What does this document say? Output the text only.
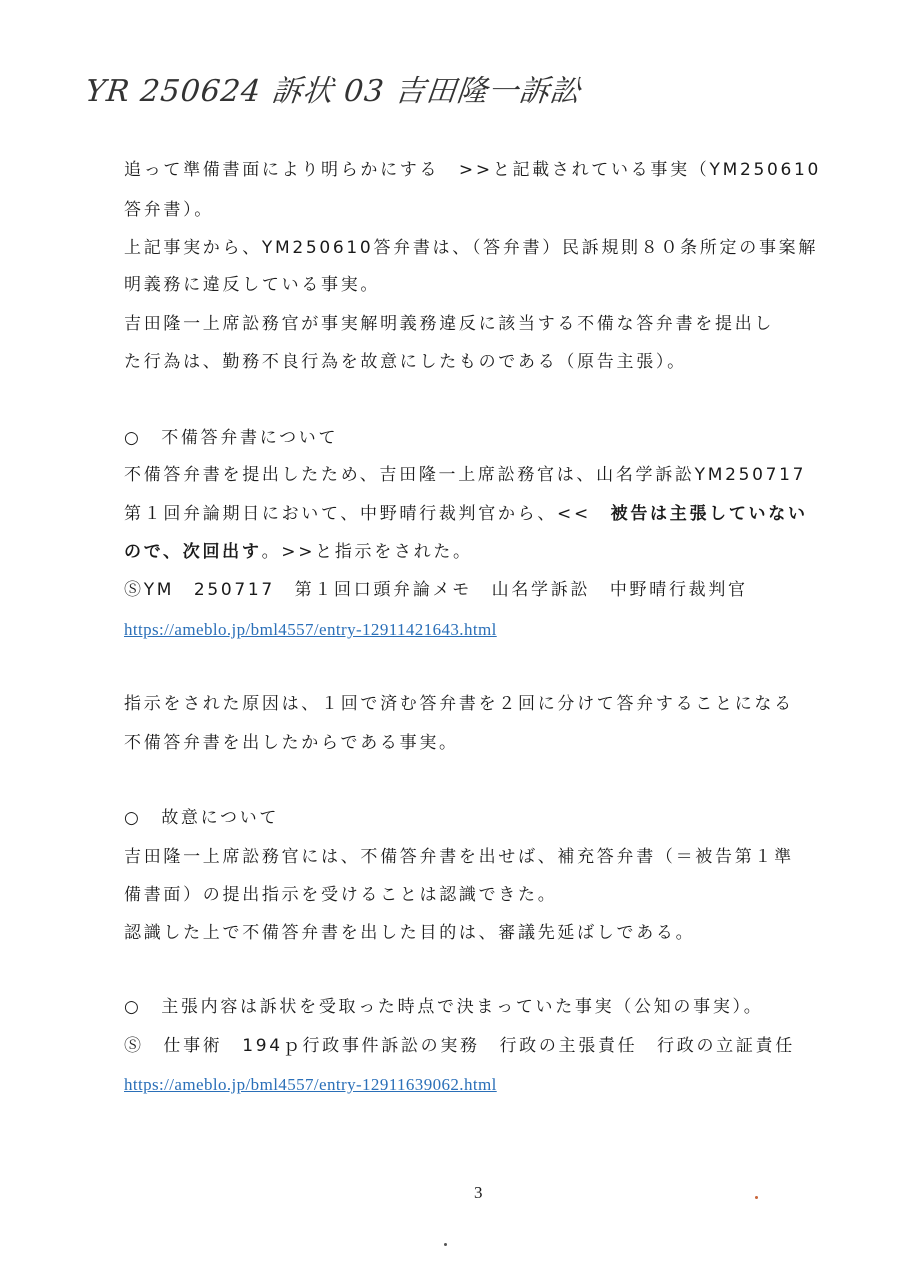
YR 250624 訴状 03 吉田隆一訴訟
追って準備書面により明らかにする　>>と記載されている事実（YM250610
答弁書）。
上記事実から、YM250610答弁書は、（答弁書）民訴規則８０条所定の事案解
明義務に違反している事実。
吉田隆一上席訟務官が事実解明義務違反に該当する不備な答弁書を提出し
た行為は、勤務不良行為を故意にしたものである（原告主張）。
○　不備答弁書について
不備答弁書を提出したため、吉田隆一上席訟務官は、山名学訴訟YM250717
第１回弁論期日において、中野晴行裁判官から、<<　被告は主張していない
ので、次回出す。>>と指示をされた。
ⓈYM　250717　第１回口頭弁論メモ　山名学訴訟　中野晴行裁判官
https://ameblo.jp/bml4557/entry-12911421643.html
指示をされた原因は、１回で済む答弁書を２回に分けて答弁することになる
不備答弁書を出したからである事実。
○　故意について
吉田隆一上席訟務官には、不備答弁書を出せば、補充答弁書（＝被告第１準
備書面）の提出指示を受けることは認識できた。
認識した上で不備答弁書を出した目的は、審議先延ばしである。
○　主張内容は訴状を受取った時点で決まっていた事実（公知の事実）。
Ⓢ　仕事術　194ｐ行政事件訴訟の実務　行政の主張責任　行政の立証責任
https://ameblo.jp/bml4557/entry-12911639062.html
3
